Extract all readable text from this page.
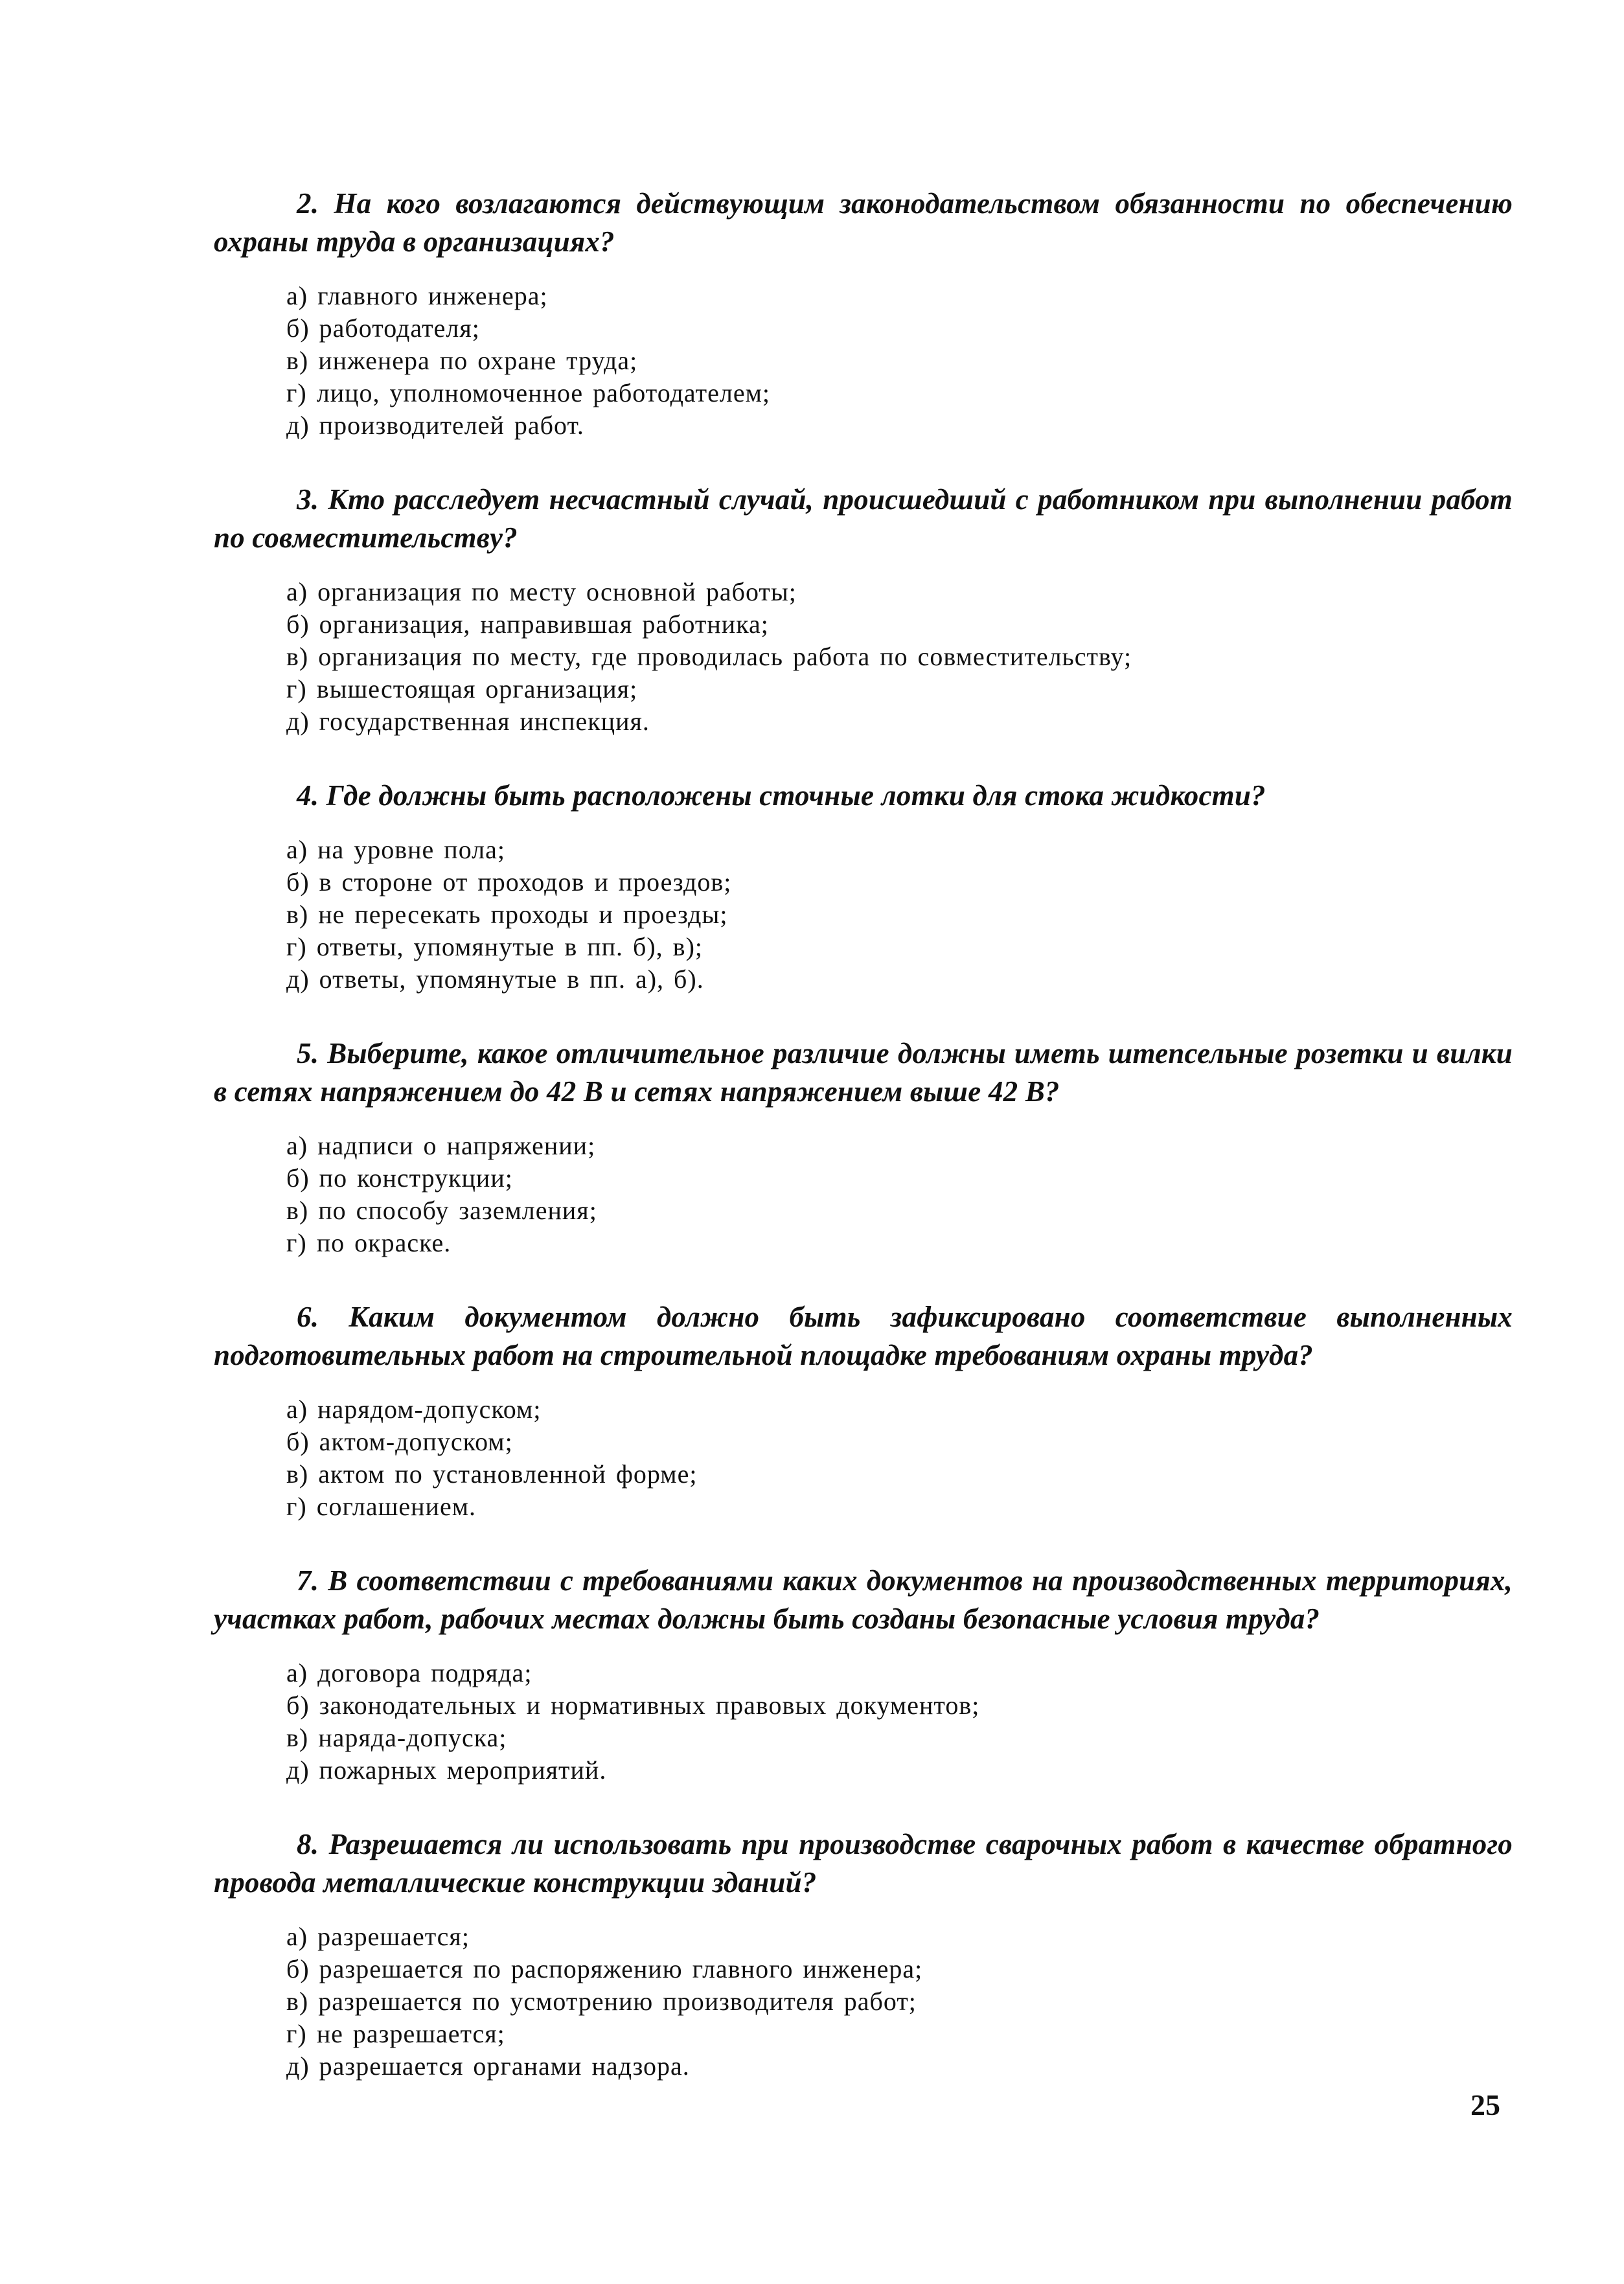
2. На кого возлагаются действующим законодательством обязанности по обеспечению охраны труда в организациях?
а) главного инженера;
б) работодателя;
в) инженера по охране труда;
г) лицо, уполномоченное работодателем;
д) производителей работ.
3. Кто расследует несчастный случай, происшедший с работником при выполнении работ по совместительству?
а) организация по месту основной работы;
б) организация, направившая работника;
в) организация по месту, где проводилась работа по совместительству;
г) вышестоящая организация;
д) государственная инспекция.
4. Где должны быть расположены сточные лотки для стока жидкости?
а) на уровне пола;
б) в стороне от проходов и проездов;
в) не пересекать проходы и проезды;
г) ответы, упомянутые в пп. б), в);
д) ответы, упомянутые в пп. а), б).
5. Выберите, какое отличительное различие должны иметь штепсельные розетки и вилки в сетях напряжением до 42 В и сетях напряжением выше 42 В?
а) надписи о напряжении;
б) по конструкции;
в) по способу заземления;
г) по окраске.
6. Каким документом должно быть зафиксировано соответствие выполненных подготовительных работ на строительной площадке требованиям охраны труда?
а) нарядом-допуском;
б) актом-допуском;
в) актом по установленной форме;
г) соглашением.
7. В соответствии с требованиями каких документов на производственных территориях, участках работ, рабочих местах должны быть созданы безопасные условия труда?
а) договора подряда;
б) законодательных и нормативных правовых документов;
в) наряда-допуска;
д) пожарных мероприятий.
8. Разрешается ли использовать при производстве сварочных работ в качестве обратного провода металлические конструкции зданий?
а) разрешается;
б) разрешается по распоряжению главного инженера;
в) разрешается по усмотрению производителя работ;
г) не разрешается;
д) разрешается органами надзора.
25
